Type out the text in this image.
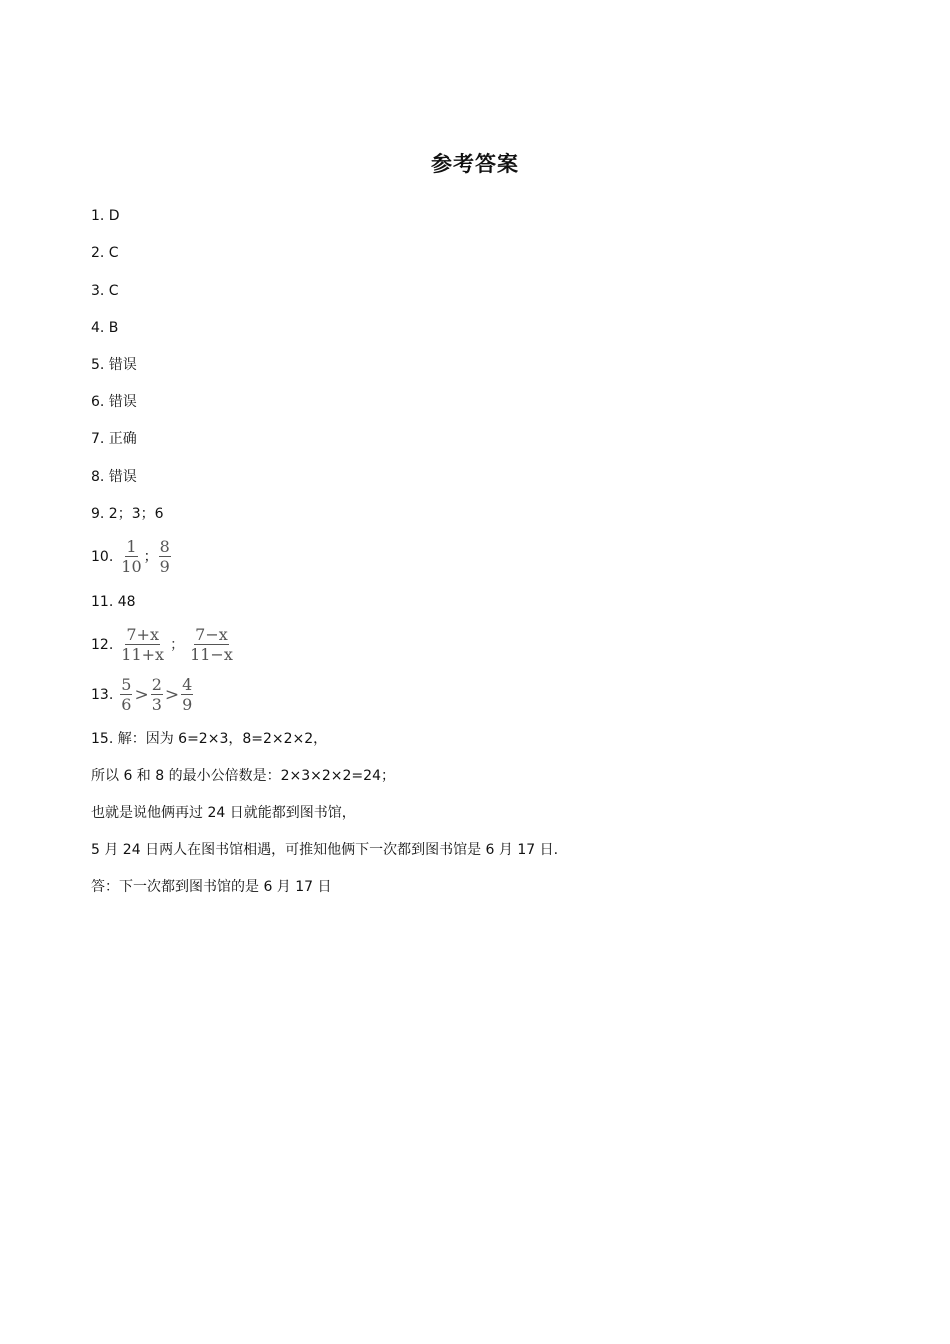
参考答案
1. D
2. C
3. C
4. B
5. 错误
6. 错误
7. 正确
8. 错误
9. 2；3；6
10. $\frac{1}{10}$ ； $\frac{8}{9}$
11. 48
12. $\frac{7+x}{11+x}$ ； $\frac{7-x}{11-x}$
13. $\frac{5}{6} > \frac{2}{3} > \frac{4}{9}$
15. 解：因为 6=2×3，8=2×2×2，
所以 6 和 8 的最小公倍数是：2×3×2×2=24；
也就是说他俩再过 24 日就能都到图书馆，
5 月 24 日两人在图书馆相遇，可推知他俩下一次都到图书馆是 6 月 17 日.
答：下一次都到图书馆的是 6 月 17 日
